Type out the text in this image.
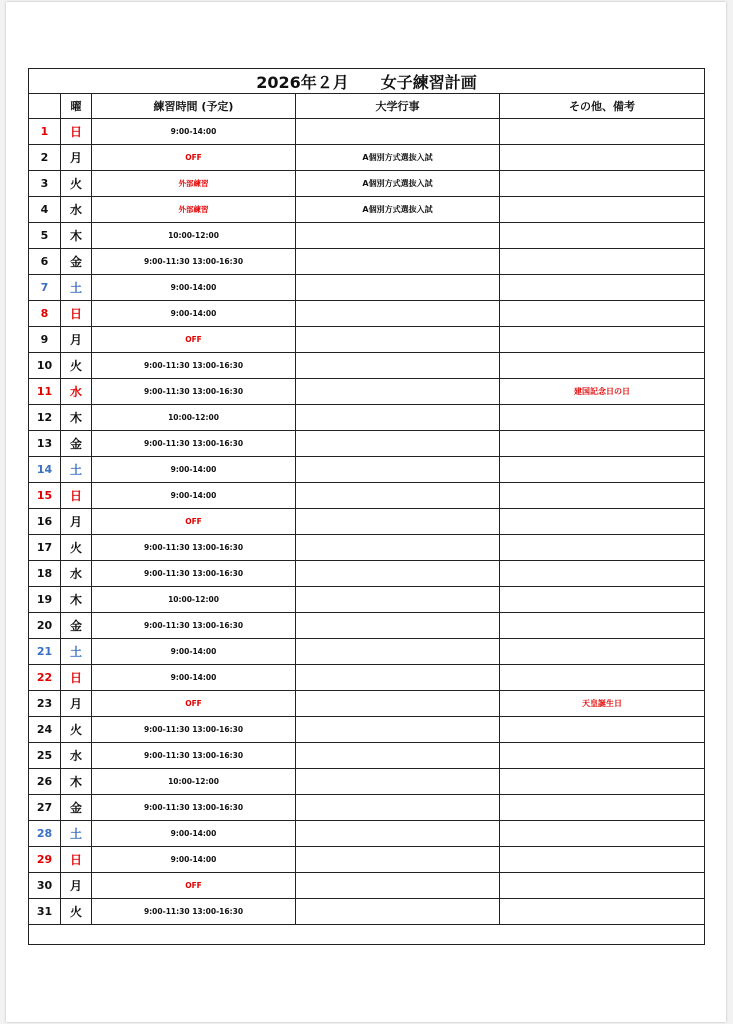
2026年２月　　女子練習計画				
	曜	練習時間 (予定)	大学行事	その他、備考
1	日	9:00-14:00		
2	月	OFF	A個別方式選抜入試	
3	火	外部練習	A個別方式選抜入試	
4	水	外部練習	A個別方式選抜入試	
5	木	10:00-12:00		
6	金	9:00-11:30 13:00-16:30		
7	土	9:00-14:00		
8	日	9:00-14:00		
9	月	OFF		
10	火	9:00-11:30 13:00-16:30		
11	水	9:00-11:30 13:00-16:30		建国記念日の日
12	木	10:00-12:00		
13	金	9:00-11:30 13:00-16:30		
14	土	9:00-14:00		
15	日	9:00-14:00		
16	月	OFF		
17	火	9:00-11:30 13:00-16:30		
18	水	9:00-11:30 13:00-16:30		
19	木	10:00-12:00		
20	金	9:00-11:30 13:00-16:30		
21	土	9:00-14:00		
22	日	9:00-14:00		
23	月	OFF		天皇誕生日
24	火	9:00-11:30 13:00-16:30		
25	水	9:00-11:30 13:00-16:30		
26	木	10:00-12:00		
27	金	9:00-11:30 13:00-16:30		
28	土	9:00-14:00		
29	日	9:00-14:00		
30	月	OFF		
31	火	9:00-11:30 13:00-16:30		
